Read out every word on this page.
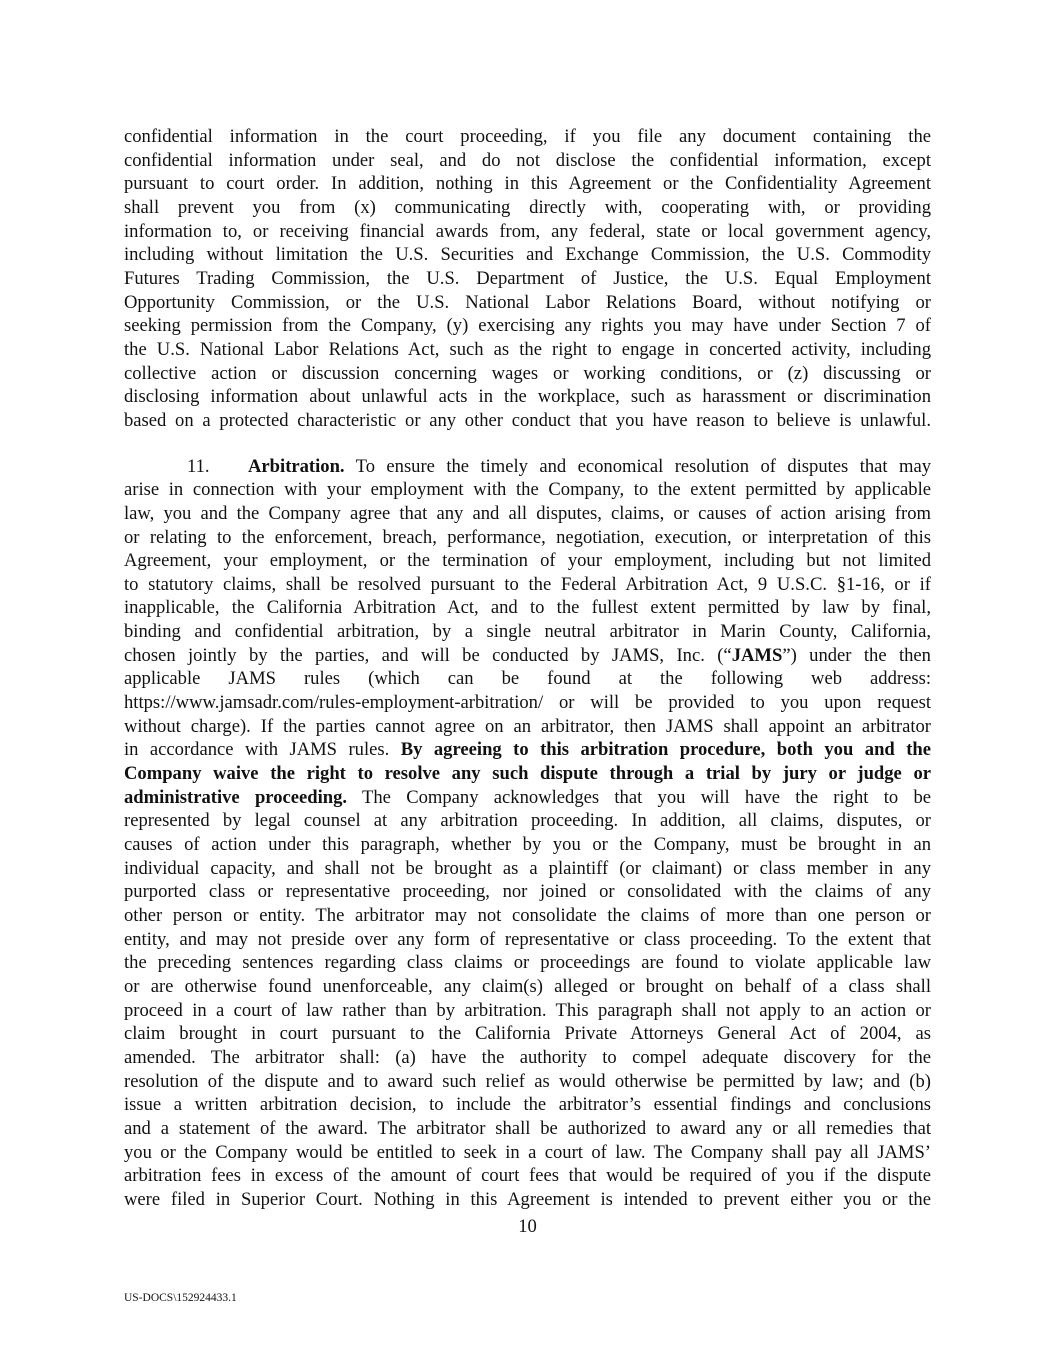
confidential information in the court proceeding, if you file any document containing the
confidential information under seal, and do not disclose the confidential information, except
pursuant to court order. In addition, nothing in this Agreement or the Confidentiality Agreement
shall prevent you from (x) communicating directly with, cooperating with, or providing
information to, or receiving financial awards from, any federal, state or local government agency,
including without limitation the U.S. Securities and Exchange Commission, the U.S. Commodity
Futures Trading Commission, the U.S. Department of Justice, the U.S. Equal Employment
Opportunity Commission, or the U.S. National Labor Relations Board, without notifying or
seeking permission from the Company, (y) exercising any rights you may have under Section 7 of
the U.S. National Labor Relations Act, such as the right to engage in concerted activity, including
collective action or discussion concerning wages or working conditions, or (z) discussing or
disclosing information about unlawful acts in the workplace, such as harassment or discrimination
based on a protected characteristic or any other conduct that you have reason to believe is unlawful.
11. Arbitration. To ensure the timely and economical resolution of disputes that may
arise in connection with your employment with the Company, to the extent permitted by applicable
law, you and the Company agree that any and all disputes, claims, or causes of action arising from
or relating to the enforcement, breach, performance, negotiation, execution, or interpretation of this
Agreement, your employment, or the termination of your employment, including but not limited
to statutory claims, shall be resolved pursuant to the Federal Arbitration Act, 9 U.S.C. §1-16, or if
inapplicable, the California Arbitration Act, and to the fullest extent permitted by law by final,
binding and confidential arbitration, by a single neutral arbitrator in Marin County, California,
chosen jointly by the parties, and will be conducted by JAMS, Inc. (“JAMS”) under the then
applicable JAMS rules (which can be found at the following web address:
https://www.jamsadr.com/rules-employment-arbitration/ or will be provided to you upon request
without charge). If the parties cannot agree on an arbitrator, then JAMS shall appoint an arbitrator
in accordance with JAMS rules. By agreeing to this arbitration procedure, both you and the
Company waive the right to resolve any such dispute through a trial by jury or judge or
administrative proceeding. The Company acknowledges that you will have the right to be
represented by legal counsel at any arbitration proceeding. In addition, all claims, disputes, or
causes of action under this paragraph, whether by you or the Company, must be brought in an
individual capacity, and shall not be brought as a plaintiff (or claimant) or class member in any
purported class or representative proceeding, nor joined or consolidated with the claims of any
other person or entity. The arbitrator may not consolidate the claims of more than one person or
entity, and may not preside over any form of representative or class proceeding. To the extent that
the preceding sentences regarding class claims or proceedings are found to violate applicable law
or are otherwise found unenforceable, any claim(s) alleged or brought on behalf of a class shall
proceed in a court of law rather than by arbitration. This paragraph shall not apply to an action or
claim brought in court pursuant to the California Private Attorneys General Act of 2004, as
amended. The arbitrator shall: (a) have the authority to compel adequate discovery for the
resolution of the dispute and to award such relief as would otherwise be permitted by law; and (b)
issue a written arbitration decision, to include the arbitrator’s essential findings and conclusions
and a statement of the award. The arbitrator shall be authorized to award any or all remedies that
you or the Company would be entitled to seek in a court of law. The Company shall pay all JAMS’
arbitration fees in excess of the amount of court fees that would be required of you if the dispute
were filed in Superior Court. Nothing in this Agreement is intended to prevent either you or the
10
US-DOCS\152924433.1
